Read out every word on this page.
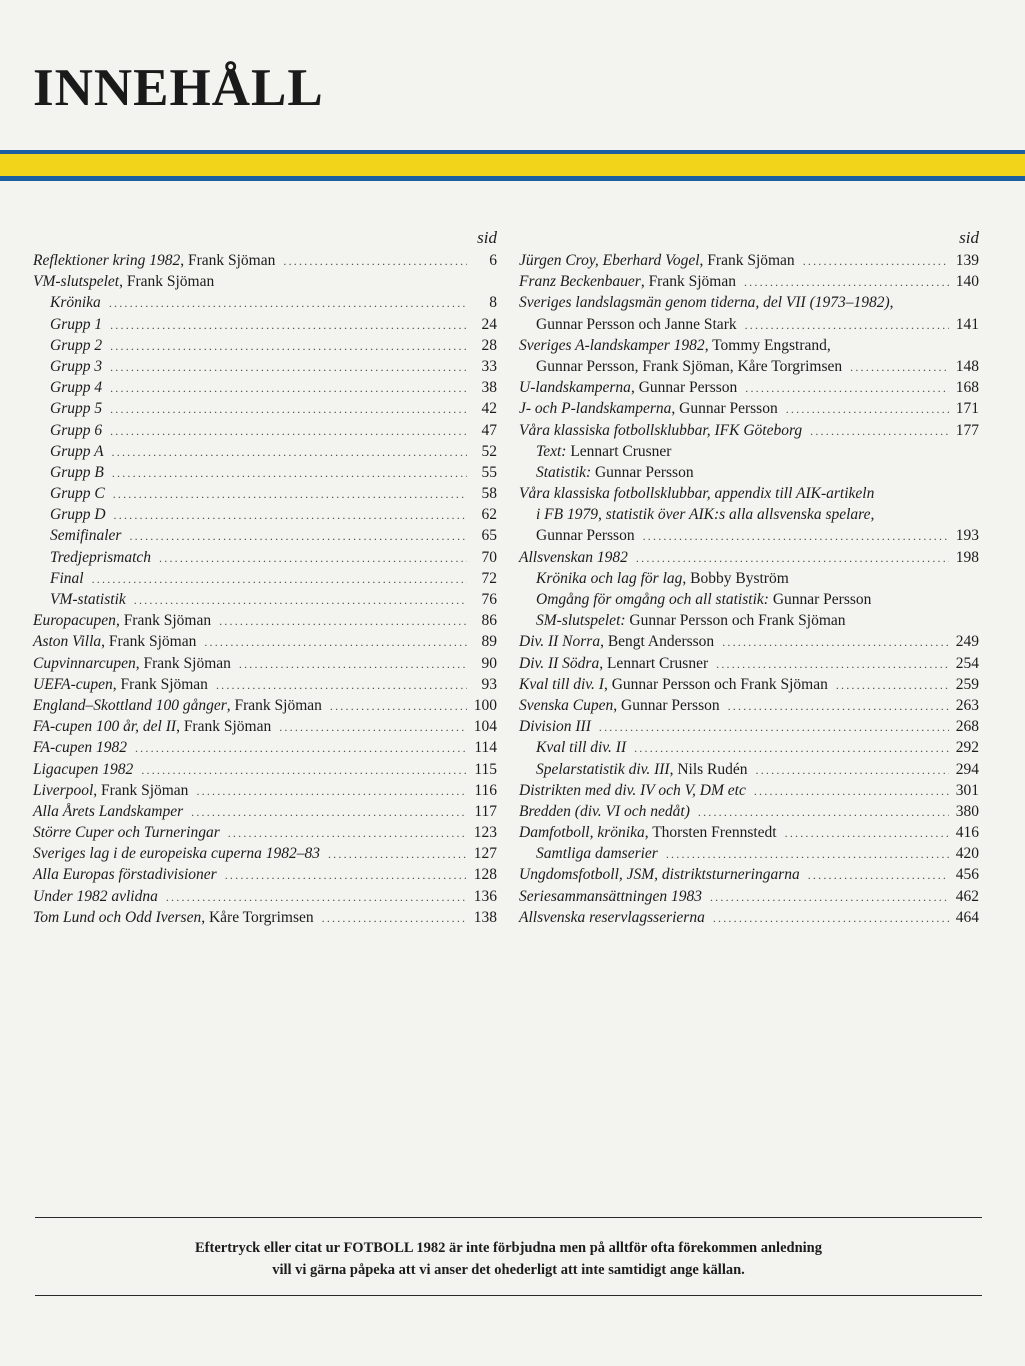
INNEHÅLL
sid
Reflektioner kring 1982, Frank Sjöman .....	6
VM-slutspelet, Frank Sjöman
Krönika .....	8
Grupp 1 .....	24
Grupp 2 .....	28
Grupp 3 .....	33
Grupp 4 .....	38
Grupp 5 .....	42
Grupp 6 .....	47
Grupp A .....	52
Grupp B .....	55
Grupp C .....	58
Grupp D .....	62
Semifinaler .....	65
Tredjeprismatch .....	70
Final .....	72
VM-statistik .....	76
Europacupen, Frank Sjöman .....	86
Aston Villa, Frank Sjöman .....	89
Cupvinnarcupen, Frank Sjöman .....	90
UEFA-cupen, Frank Sjöman .....	93
England–Skottland 100 gånger, Frank Sjöman .....	100
FA-cupen 100 år, del II, Frank Sjöman .....	104
FA-cupen 1982 .....	114
Ligacupen 1982 .....	115
Liverpool, Frank Sjöman .....	116
Alla Årets Landskamper .....	117
Större Cuper och Turneringar .....	123
Sveriges lag i de europeiska cuperna 1982–83 .....	127
Alla Europas förstadivisioner .....	128
Under 1982 avlidna .....	136
Tom Lund och Odd Iversen, Kåre Torgrimsen .....	138
sid
Jürgen Croy, Eberhard Vogel, Frank Sjöman .....	139
Franz Beckenbauer, Frank Sjöman .....	140
Sveriges landslagsmän genom tiderna, del VII (1973–1982),
Gunnar Persson och Janne Stark .....	141
Sveriges A-landskamper 1982, Tommy Engstrand,
Gunnar Persson, Frank Sjöman, Kåre Torgrimsen .....	148
U-landskamperna, Gunnar Persson .....	168
J- och P-landskamperna, Gunnar Persson .....	171
Våra klassiska fotbollsklubbar, IFK Göteborg .....	177
Text: Lennart Crusner
Statistik: Gunnar Persson
Våra klassiska fotbollsklubbar, appendix till AIK-artikeln
i FB 1979, statistik över AIK:s alla allsvenska spelare,
Gunnar Persson .....	193
Allsvenskan 1982 .....	198
Krönika och lag för lag, Bobby Byström
Omgång för omgång och all statistik: Gunnar Persson
SM-slutspelet: Gunnar Persson och Frank Sjöman
Div. II Norra, Bengt Andersson .....	249
Div. II Södra, Lennart Crusner .....	254
Kval till div. I, Gunnar Persson och Frank Sjöman .....	259
Svenska Cupen, Gunnar Persson .....	263
Division III .....	268
Kval till div. II .....	292
Spelarstatistik div. III, Nils Rudén .....	294
Distrikten med div. IV och V, DM etc .....	301
Bredden (div. VI och nedåt) .....	380
Damfotboll, krönika, Thorsten Frennstedt .....	416
Samtliga damserier .....	420
Ungdomsfotboll, JSM, distriktsturneringarna .....	456
Seriesammansättningen 1983 .....	462
Allsvenska reservlagsserierna .....	464
Eftertryck eller citat ur FOTBOLL 1982 är inte förbjudna men på alltför ofta förekommen anledning
vill vi gärna påpeka att vi anser det ohederligt att inte samtidigt ange källan.
